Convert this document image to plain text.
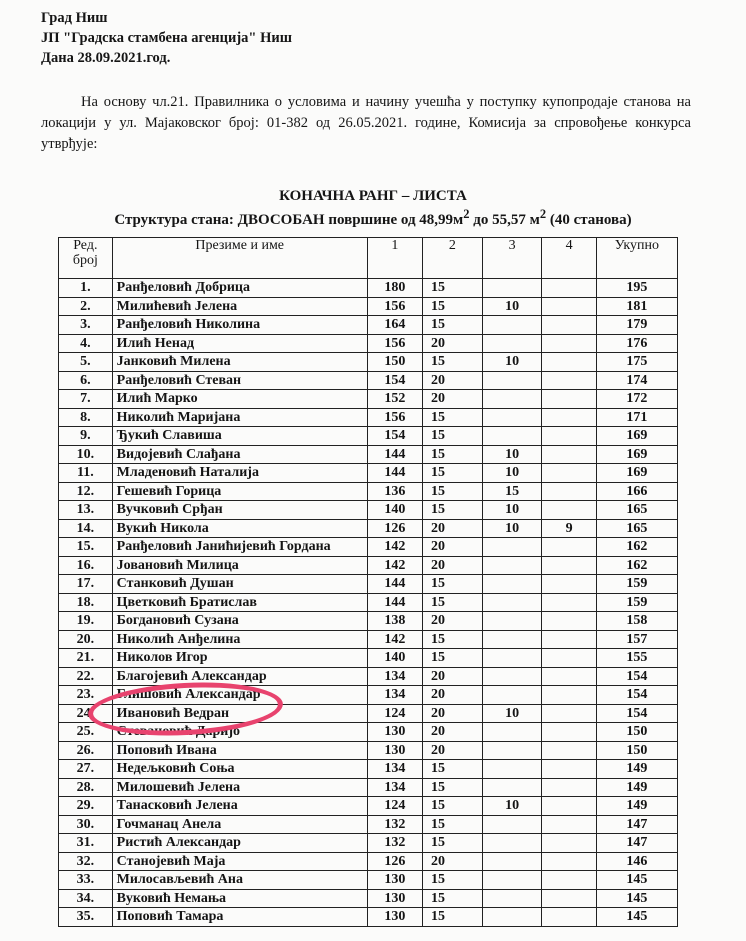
Град Ниш
ЈП "Градска стамбена агенција" Ниш
Дана 28.09.2021.год.
На основу чл.21. Правилника о условима и начину учешћа у поступку купопродаје станова на локацији у ул. Мајаковског број: 01-382 од 26.05.2021. године, Комисија за спровођење конкурса утврђује:
КОНАЧНА РАНГ – ЛИСТА
Структура стана: ДВОСОБАН површине од $48,99м^2$ до 55,57 $м^2$ (40 станова)
Ред. број	Презиме и име	1	2	3	4	Укупно
1.	Ранђеловић Добрица	180	15			195
2.	Милићевић Јелена	156	15	10		181
3.	Ранђеловић Николина	164	15			179
4.	Илић Ненад	156	20			176
5.	Јанковић Милена	150	15	10		175
6.	Ранђеловић Стеван	154	20			174
7.	Илић Марко	152	20			172
8.	Николић Маријана	156	15			171
9.	Ђукић Славиша	154	15			169
10.	Видојевић Слађана	144	15	10		169
11.	Младеновић Наталија	144	15	10		169
12.	Гешевић Горица	136	15	15		166
13.	Вучковић Срђан	140	15	10		165
14.	Вукић Никола	126	20	10	9	165
15.	Ранђеловић Јанићијевић Гордана	142	20			162
16.	Јовановић Милица	142	20			162
17.	Станковић Душан	144	15			159
18.	Цветковић Братислав	144	15			159
19.	Богдановић Сузана	138	20			158
20.	Николић Анђелина	142	15			157
21.	Николов Игор	140	15			155
22.	Благојевић Александар	134	20			154
23.	Глишовић Александар	134	20			154
24.	Ивановић Ведран	124	20	10		154
25.	Стевановић Даријо	130	20			150
26.	Поповић Ивана	130	20			150
27.	Недељковић Соња	134	15			149
28.	Милошевић Јелена	134	15			149
29.	Танасковић Јелена	124	15	10		149
30.	Гочманац Анела	132	15			147
31.	Ристић Александар	132	15			147
32.	Станојевић Маја	126	20			146
33.	Милосављевић Ана	130	15			145
34.	Вуковић Немања	130	15			145
35.	Поповић Тамара	130	15			145
